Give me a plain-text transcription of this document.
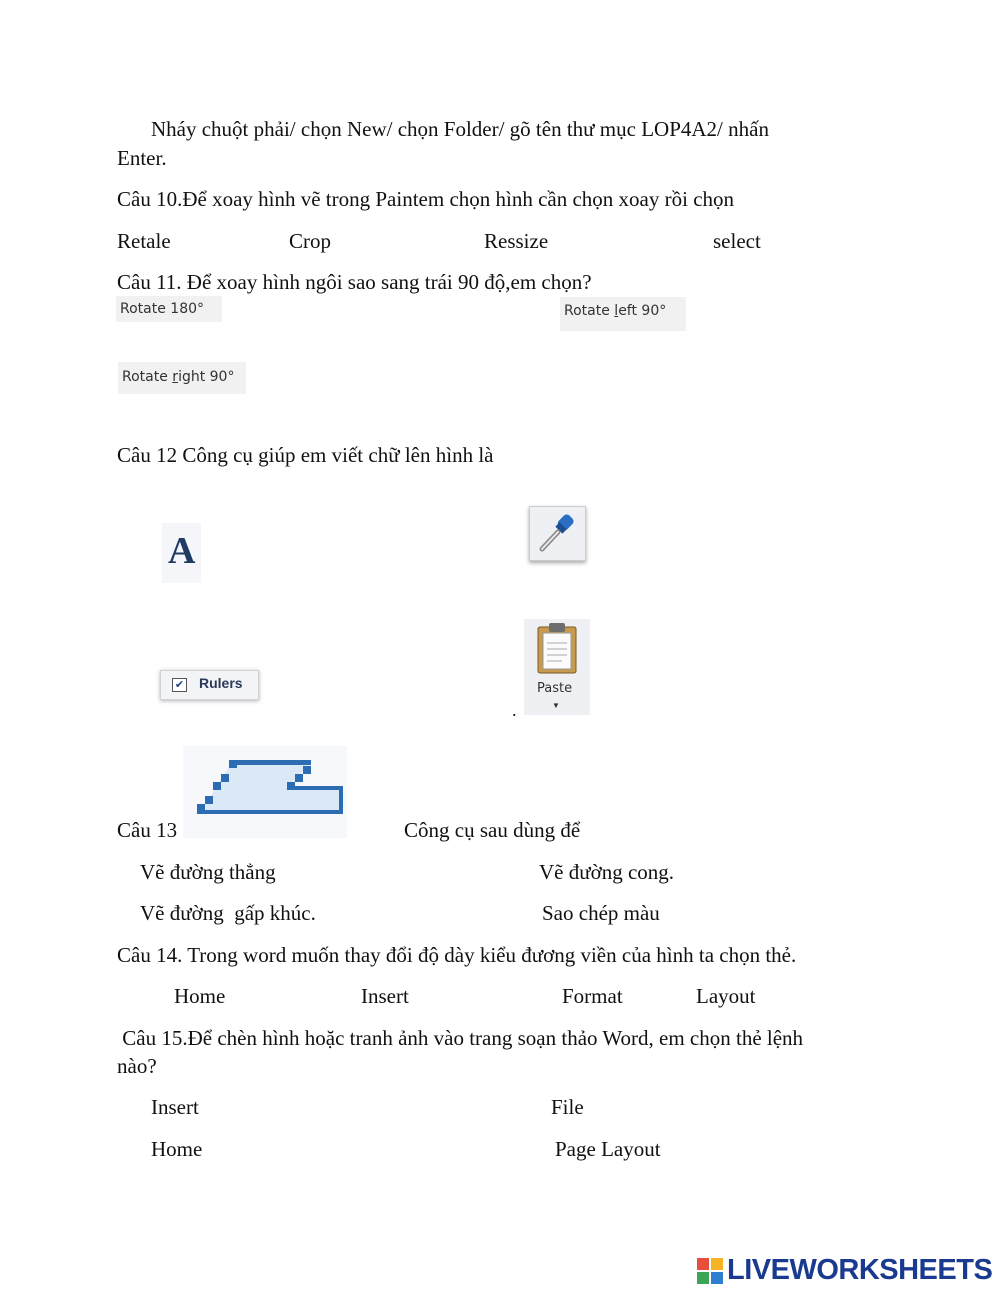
Nháy chuột phải/ chọn New/ chọn Folder/ gõ tên thư mục LOP4A2/ nhấn
Enter.
Câu 10.Để xoay hình vẽ trong Paintem chọn hình cần chọn xoay rồi chọn
Retale	Crop	Ressize	select
Câu 11. Để xoay hình ngôi sao sang trái 90 độ,em chọn?
Rotate 180°	Rotate left 90°
Rotate right 90°
Câu 12 Công cụ giúp em viết chữ lên hình là
A
✔ Rulers
.
Paste
▼
Câu 13	Công cụ sau dùng để
Vẽ đường thẳng	Vẽ đường cong.
Vẽ đường  gấp khúc.	Sao chép màu
Câu 14. Trong word muốn thay đổi độ dày kiểu đương viền của hình ta chọn thẻ.
Home	Insert	Format	Layout
Câu 15.Để chèn hình hoặc tranh ảnh vào trang soạn thảo Word, em chọn thẻ lệnh
nào?
Insert	File
Home	Page Layout
LIVEWORKSHEETS
